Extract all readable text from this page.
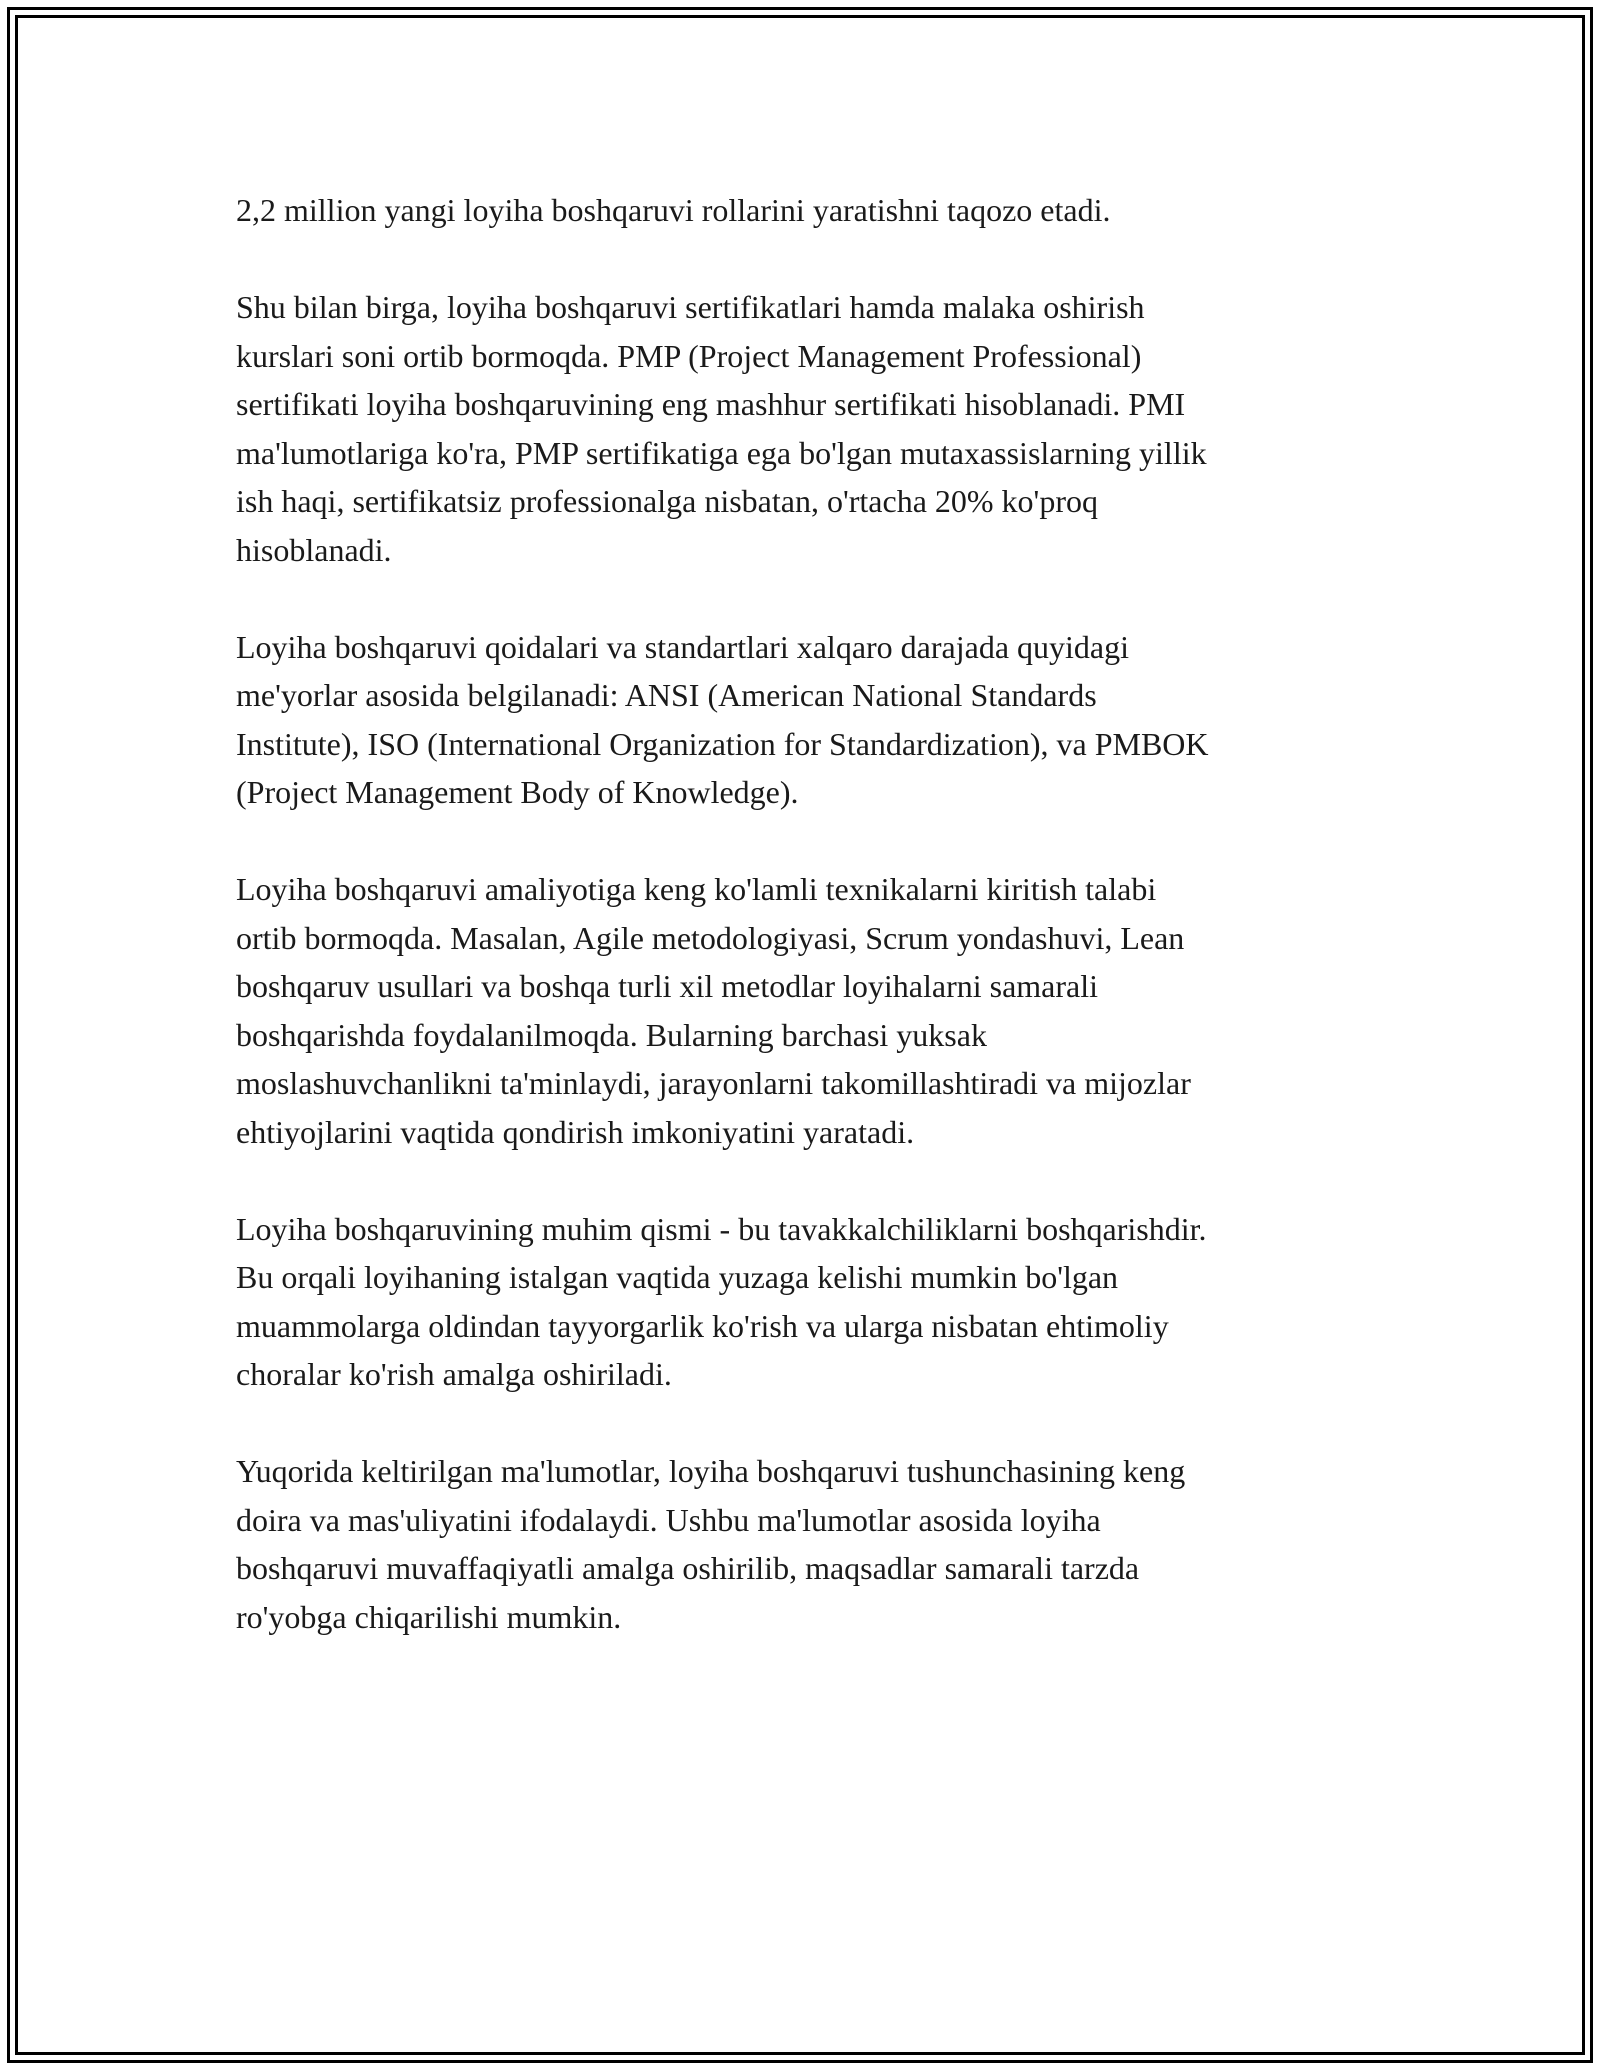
2,2 million yangi loyiha boshqaruvi rollarini yaratishni taqozo etadi.

Shu bilan birga, loyiha boshqaruvi sertifikatlari hamda malaka oshirish
kurslari soni ortib bormoqda. PMP (Project Management Professional)
sertifikati loyiha boshqaruvining eng mashhur sertifikati hisoblanadi. PMI
ma'lumotlariga ko'ra, PMP sertifikatiga ega bo'lgan mutaxassislarning yillik
ish haqi, sertifikatsiz professionalga nisbatan, o'rtacha 20% ko'proq
hisoblanadi.

Loyiha boshqaruvi qoidalari va standartlari xalqaro darajada quyidagi
me'yorlar asosida belgilanadi: ANSI (American National Standards
Institute), ISO (International Organization for Standardization), va PMBOK
(Project Management Body of Knowledge).

Loyiha boshqaruvi amaliyotiga keng ko'lamli texnikalarni kiritish talabi
ortib bormoqda. Masalan, Agile metodologiyasi, Scrum yondashuvi, Lean
boshqaruv usullari va boshqa turli xil metodlar loyihalarni samarali
boshqarishda foydalanilmoqda. Bularning barchasi yuksak
moslashuvchanlikni ta'minlaydi, jarayonlarni takomillashtiradi va mijozlar
ehtiyojlarini vaqtida qondirish imkoniyatini yaratadi.

Loyiha boshqaruvining muhim qismi - bu tavakkalchiliklarni boshqarishdir.
Bu orqali loyihaning istalgan vaqtida yuzaga kelishi mumkin bo'lgan
muammolarga oldindan tayyorgarlik ko'rish va ularga nisbatan ehtimoliy
choralar ko'rish amalga oshiriladi.

Yuqorida keltirilgan ma'lumotlar, loyiha boshqaruvi tushunchasining keng
doira va mas'uliyatini ifodalaydi. Ushbu ma'lumotlar asosida loyiha
boshqaruvi muvaffaqiyatli amalga oshirilib, maqsadlar samarali tarzda
ro'yobga chiqarilishi mumkin.
